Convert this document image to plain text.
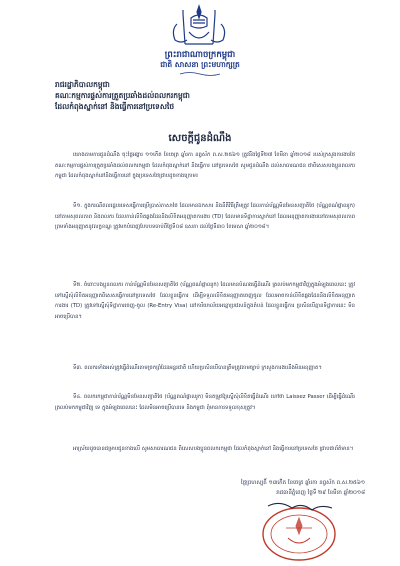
ព្រះរាជាណាចក្រកម្ពុជា
ជាតិ សាសនា ព្រះមហាក្សត្រ
រាជរដ្ឋាភិបាលកម្ពុជា
គណៈកម្មការផ្ទស់ការត្រួតប្រឆាំងដល់ពលករកម្ពុជា
ដែលកំពុងស្នាក់នៅ និងធ្វើការនៅប្រទេសថៃ
សេចក្ដីជូនដំណឹង
យោងតាមការជូនដំណឹង ចុះថ្ងៃអង្គារ ១១កើត ខែចេត្រ ឆ្នាំរកា នព្វស័ក ព.ស.២៥៦១ ត្រូវនឹងថ្ងៃទី២៧ ខែមីនា ឆ្នាំ២០១៨ របស់ក្រសួងការងារថៃ គណៈកម្មការផ្ទស់ការត្រួតប្រឆាំងដល់ពលករកម្ពុជា ដែលកំពុងស្នាក់នៅ និងធ្វើការ នៅប្រទេសថៃ សូមជូនដំណឹង ដល់សាធារណជន ជាពិសេសបងប្អូនពលករកម្ពុជា ដែលកំពុងស្នាក់នៅនិងធ្វើការនៅ ក្នុងប្រទេសថៃជ្រាបដូចខាងក្រោម៖
ទី១. ក្នុងករណីពលរដ្ឋបរទេសធ្វើការប្រើប្រាស់ភាសាថៃ ដែលមានឯកសារ និងនីតិវិធីត្រឹមត្រូវ ដែលកាន់ប័ណ្ណមិនមែនសញ្ជាតិថៃ (ប័ណ្ណពណ៌ផ្កាឈូក) នៅតាមសុពលភាព និងពលករ ដែលកាន់លិខិតឆ្លងដែននិងលិខិតអនុញ្ញាតការងារ (TD) ដែលមានទិដ្ឋាការស្នាក់នៅ ដែលអនុញ្ញាតការងារនៅតាមសុពលភាព ព្រមទាំងអនុញ្ញាតនូវលក្ខខណ្ឌ ត្រូវមកបំពេញបែបបទចាប់ពីថ្ងៃទី០៨ ឧសភា ដល់ថ្ងៃទី៣០ ខែមេសា ឆ្នាំ២០១៨។
ទី២. ចំពោះបងប្អូនពលករ កាន់ប័ណ្ណមិនមែនសញ្ជាតិថៃ (ប័ណ្ណពណ៌ផ្កាឈូក) ដែលមានបំណងធ្វើដំណើរ ត្រលប់មកកម្ពុជាវិញក្នុងអំឡុងពេលនេះ ត្រូវទៅស្នើសុំលិខិតអនុញ្ញាតពិសេសធ្វើការនៅប្រទេសថៃ ដែលខ្លួនធ្វើការ ដើម្បីទទួលលិខិតអនុញ្ញាតចេញចូល ដែលអាចកាន់លិខិតឆ្លងដែននិងលិខិតអនុញ្ញាតការងារ (TD) ត្រូវទៅស្នើសុំទិដ្ឋាការចេញ-ចូល (Re-Entry Visa) នៅការិយាល័យអន្តោប្រវេសន៍ក្នុងតំបន់ ដែលខ្លួនធ្វើការ ប្រសិនបើគ្មានទិដ្ឋាការនេះ មិនអាចប្រើបាន។
ទី៣. ពលករទាំងអស់ត្រូវធ្វើដំណើរតាមច្រកព្រំដែនអន្តរជាតិ ហើយប្រសិនបើបានត្រឹមត្រូវតាមច្បាប់ ក្រសួងការងារនឹងមិនអនុញ្ញាត។
ទី៤. ពលករកម្ពុជាកាន់ប័ណ្ណមិនមែនសញ្ជាតិថៃ (ប័ណ្ណពណ៌ផ្កាឈូក) មិនតម្រូវឱ្យស្នើសុំលិខិតធ្វើដំណើរ ហៅថា Laissez Passer ដើម្បីធ្វើដំណើរត្រលប់មកកម្ពុជាវិញ ទេ ក្នុងអំឡុងពេលនេះ ដែលមិនអាចប្រើបានទេ និងកម្ពុជា ពុំមានការទទួលខុសត្រូវ។
អាស្រ័យដូចបានជម្រាបជូនខាងលើ សូមសាធារណជន ពិសេសបងប្អូនពលករកម្ពុជា ដែលកំពុងស្នាក់នៅ និងធ្វើការនៅប្រទេសថៃ ជ្រាបជាព័ត៌មាន។
ថ្ងៃព្រហស្បតិ៍ ១៣កើត ខែចេត្រ ឆ្នាំរកា នព្វស័ក ព.ស.២៥៦១
រាជធានីភ្នំពេញ ថ្ងៃទី ២៩ ខែមីនា ឆ្នាំ២០១៨
